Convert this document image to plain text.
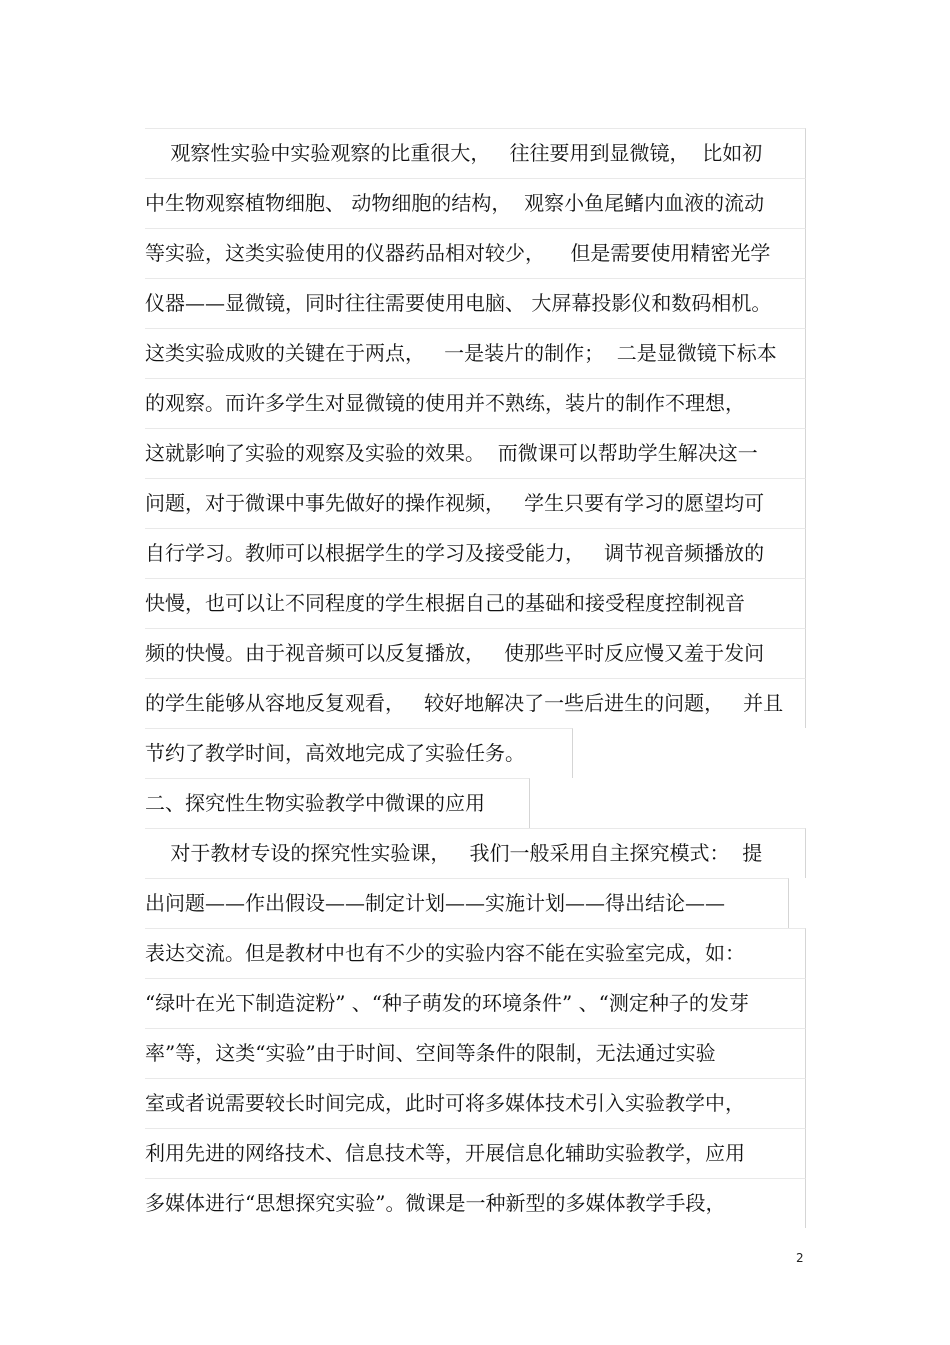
观察性实验中实验观察的比重很大，   往往要用到显微镜，  比如初
中生物观察植物细胞、 动物细胞的结构，  观察小鱼尾鳍内血液的流动
等实验，这类实验使用的仪器药品相对较少，    但是需要使用精密光学
仪器——显微镜，同时往往需要使用电脑、 大屏幕投影仪和数码相机。
这类实验成败的关键在于两点，   一是装片的制作；  二是显微镜下标本
的观察。而许多学生对显微镜的使用并不熟练，装片的制作不理想，
这就影响了实验的观察及实验的效果。  而微课可以帮助学生解决这一
问题，对于微课中事先做好的操作视频，   学生只要有学习的愿望均可
自行学习。教师可以根据学生的学习及接受能力，   调节视音频播放的
快慢，也可以让不同程度的学生根据自己的基础和接受程度控制视音
频的快慢。由于视音频可以反复播放，   使那些平时反应慢又羞于发问
的学生能够从容地反复观看，   较好地解决了一些后进生的问题，   并且
节约了教学时间，高效地完成了实验任务。
二、探究性生物实验教学中微课的应用
对于教材专设的探究性实验课，   我们一般采用自主探究模式：  提
出问题——作出假设——制定计划——实施计划——得出结论——
表达交流。但是教材中也有不少的实验内容不能在实验室完成，如：
“绿叶在光下制造淀粉” 、“种子萌发的环境条件” 、“测定种子的发芽
率”等，这类“实验”由于时间、空间等条件的限制，无法通过实验
室或者说需要较长时间完成，此时可将多媒体技术引入实验教学中，
利用先进的网络技术、信息技术等，开展信息化辅助实验教学，应用
多媒体进行“思想探究实验”。微课是一种新型的多媒体教学手段，
2
